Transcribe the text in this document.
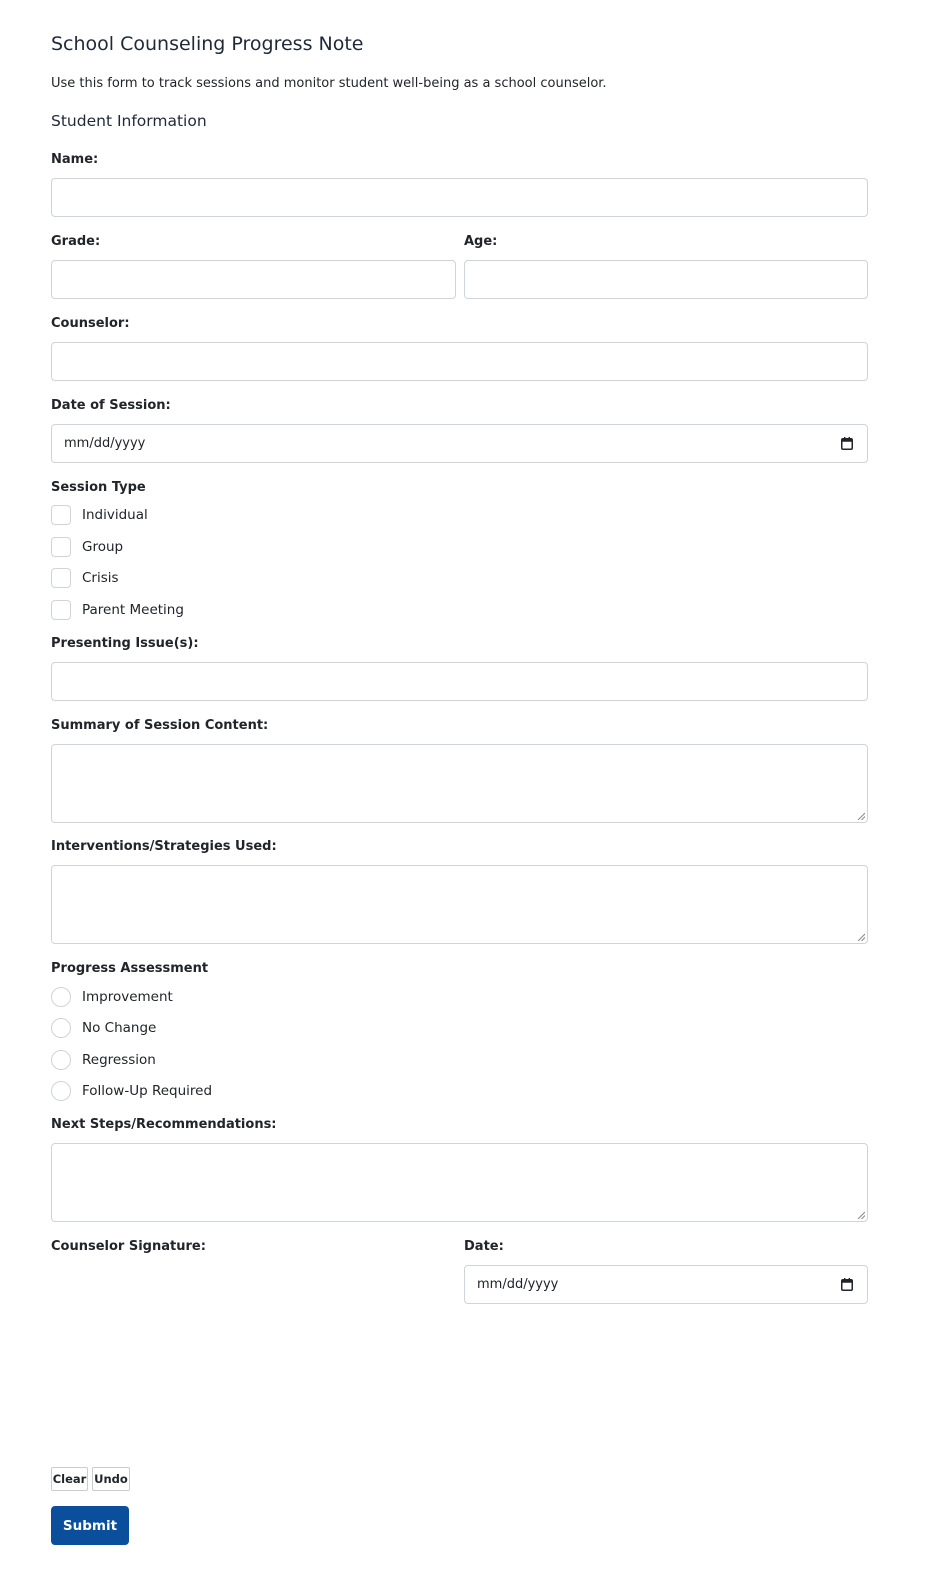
School Counseling Progress Note
Use this form to track sessions and monitor student well-being as a school counselor.
Student Information
Name:
Grade:	Age:
Counselor:
Date of Session:
mm/dd/yyyy
Session Type
Individual
Group
Crisis
Parent Meeting
Presenting Issue(s):
Summary of Session Content:
Interventions/Strategies Used:
Progress Assessment
Improvement
No Change
Regression
Follow-Up Required
Next Steps/Recommendations:
Counselor Signature:	Date:
mm/dd/yyyy
Clear Undo
Submit
